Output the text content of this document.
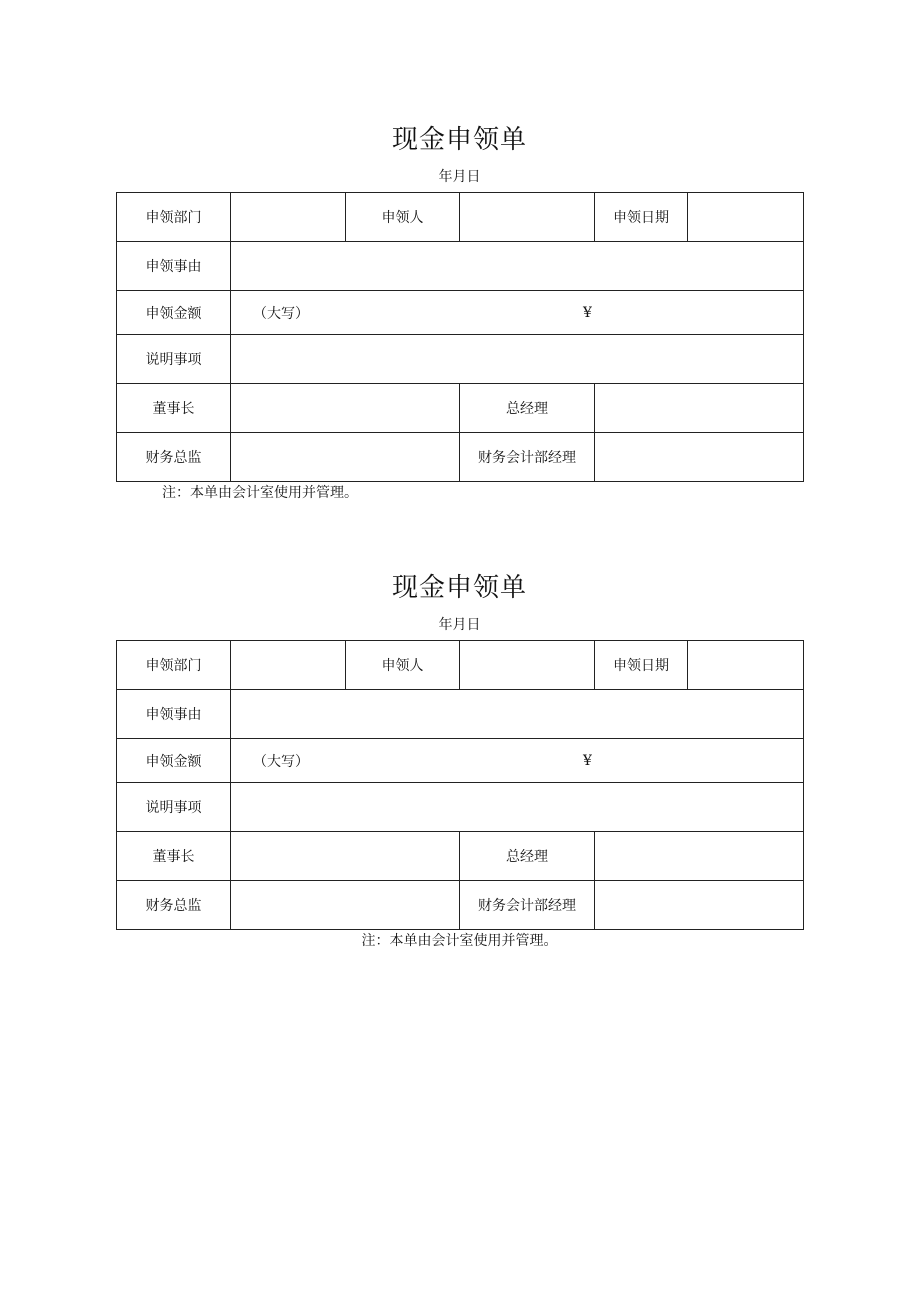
现金申领单
年月日
申领部门		申领人		申领日期	
申领事由					
申领金额	（大写） ¥				

说明事项					
董事长			总经理		
财务总监			财务会计部经理		
注：本单由会计室使用并管理。
现金申领单
年月日
申领部门		申领人		申领日期	
申领事由					
申领金额	（大写） ¥				

说明事项					
董事长			总经理		
财务总监			财务会计部经理		
注：本单由会计室使用并管理。
